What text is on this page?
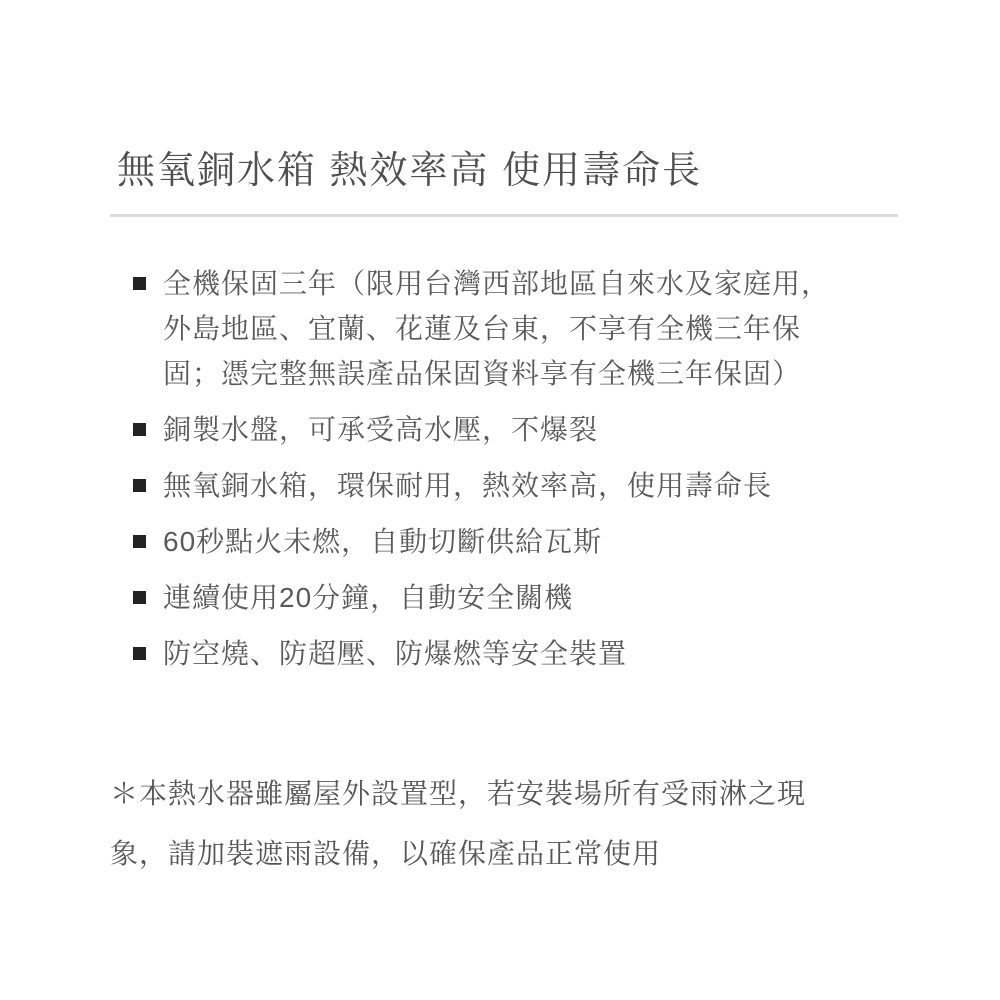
無氧銅水箱 熱效率高 使用壽命長
全機保固三年（限用台灣西部地區自來水及家庭用，外島地區、宜蘭、花蓮及台東，不享有全機三年保固；憑完整無誤產品保固資料享有全機三年保固）
銅製水盤，可承受高水壓，不爆裂
無氧銅水箱，環保耐用，熱效率高，使用壽命長
60秒點火未燃，自動切斷供給瓦斯
連續使用20分鐘，自動安全關機
防空燒、防超壓、防爆燃等安全裝置

＊本熱水器雖屬屋外設置型，若安裝場所有受雨淋之現象，請加裝遮雨設備，以確保產品正常使用
